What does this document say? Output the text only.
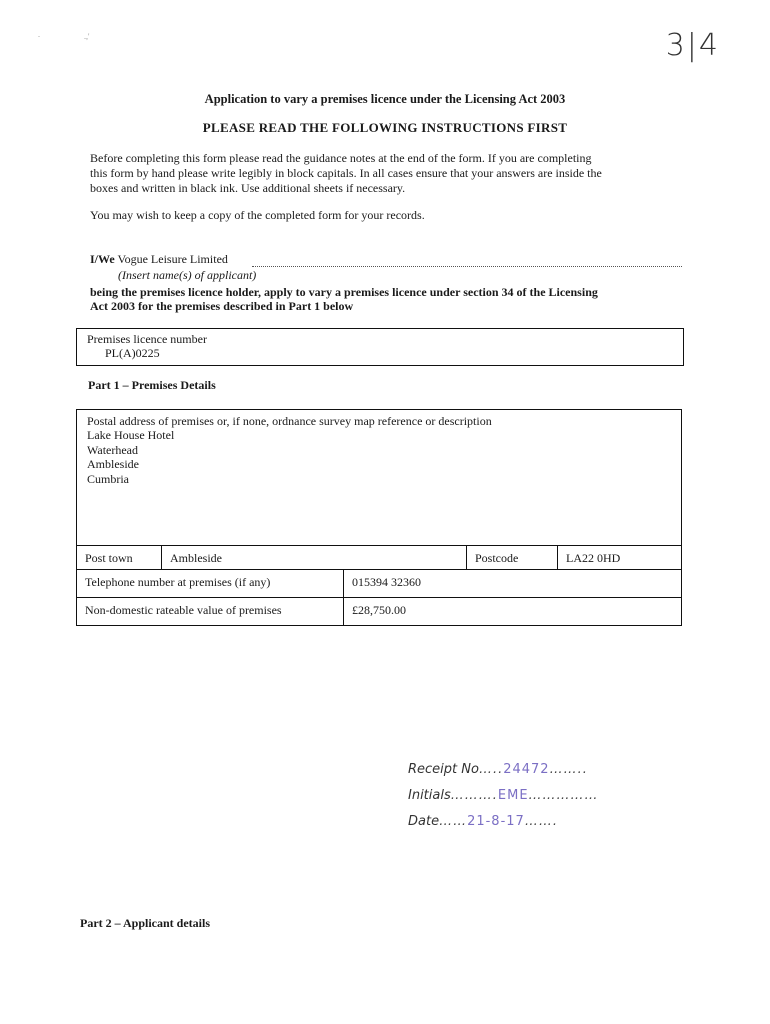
.	.,'	3|4
Application to vary a premises licence under the Licensing Act 2003
PLEASE READ THE FOLLOWING INSTRUCTIONS FIRST
Before completing this form please read the guidance notes at the end of the form. If you are completing
this form by hand please write legibly in block capitals. In all cases ensure that your answers are inside the
boxes and written in black ink. Use additional sheets if necessary.
You may wish to keep a copy of the completed form for your records.
I/We Vogue Leisure Limited
(Insert name(s) of applicant)
being the premises licence holder, apply to vary a premises licence under section 34 of the Licensing
Act 2003 for the premises described in Part 1 below
Premises licence number
PL(A)0225
Part 1 – Premises Details
Postal address of premises or, if none, ordnance survey map reference or description
Lake House Hotel
Waterhead
Ambleside
Cumbria
Post town	Ambleside	Postcode	LA22 0HD
Telephone number at premises (if any)	015394 32360
Non-domestic rateable value of premises	£28,750.00
Receipt No…..24472……..
Initials……….EME……………
Date……21-8-17…….
Part 2 – Applicant details
